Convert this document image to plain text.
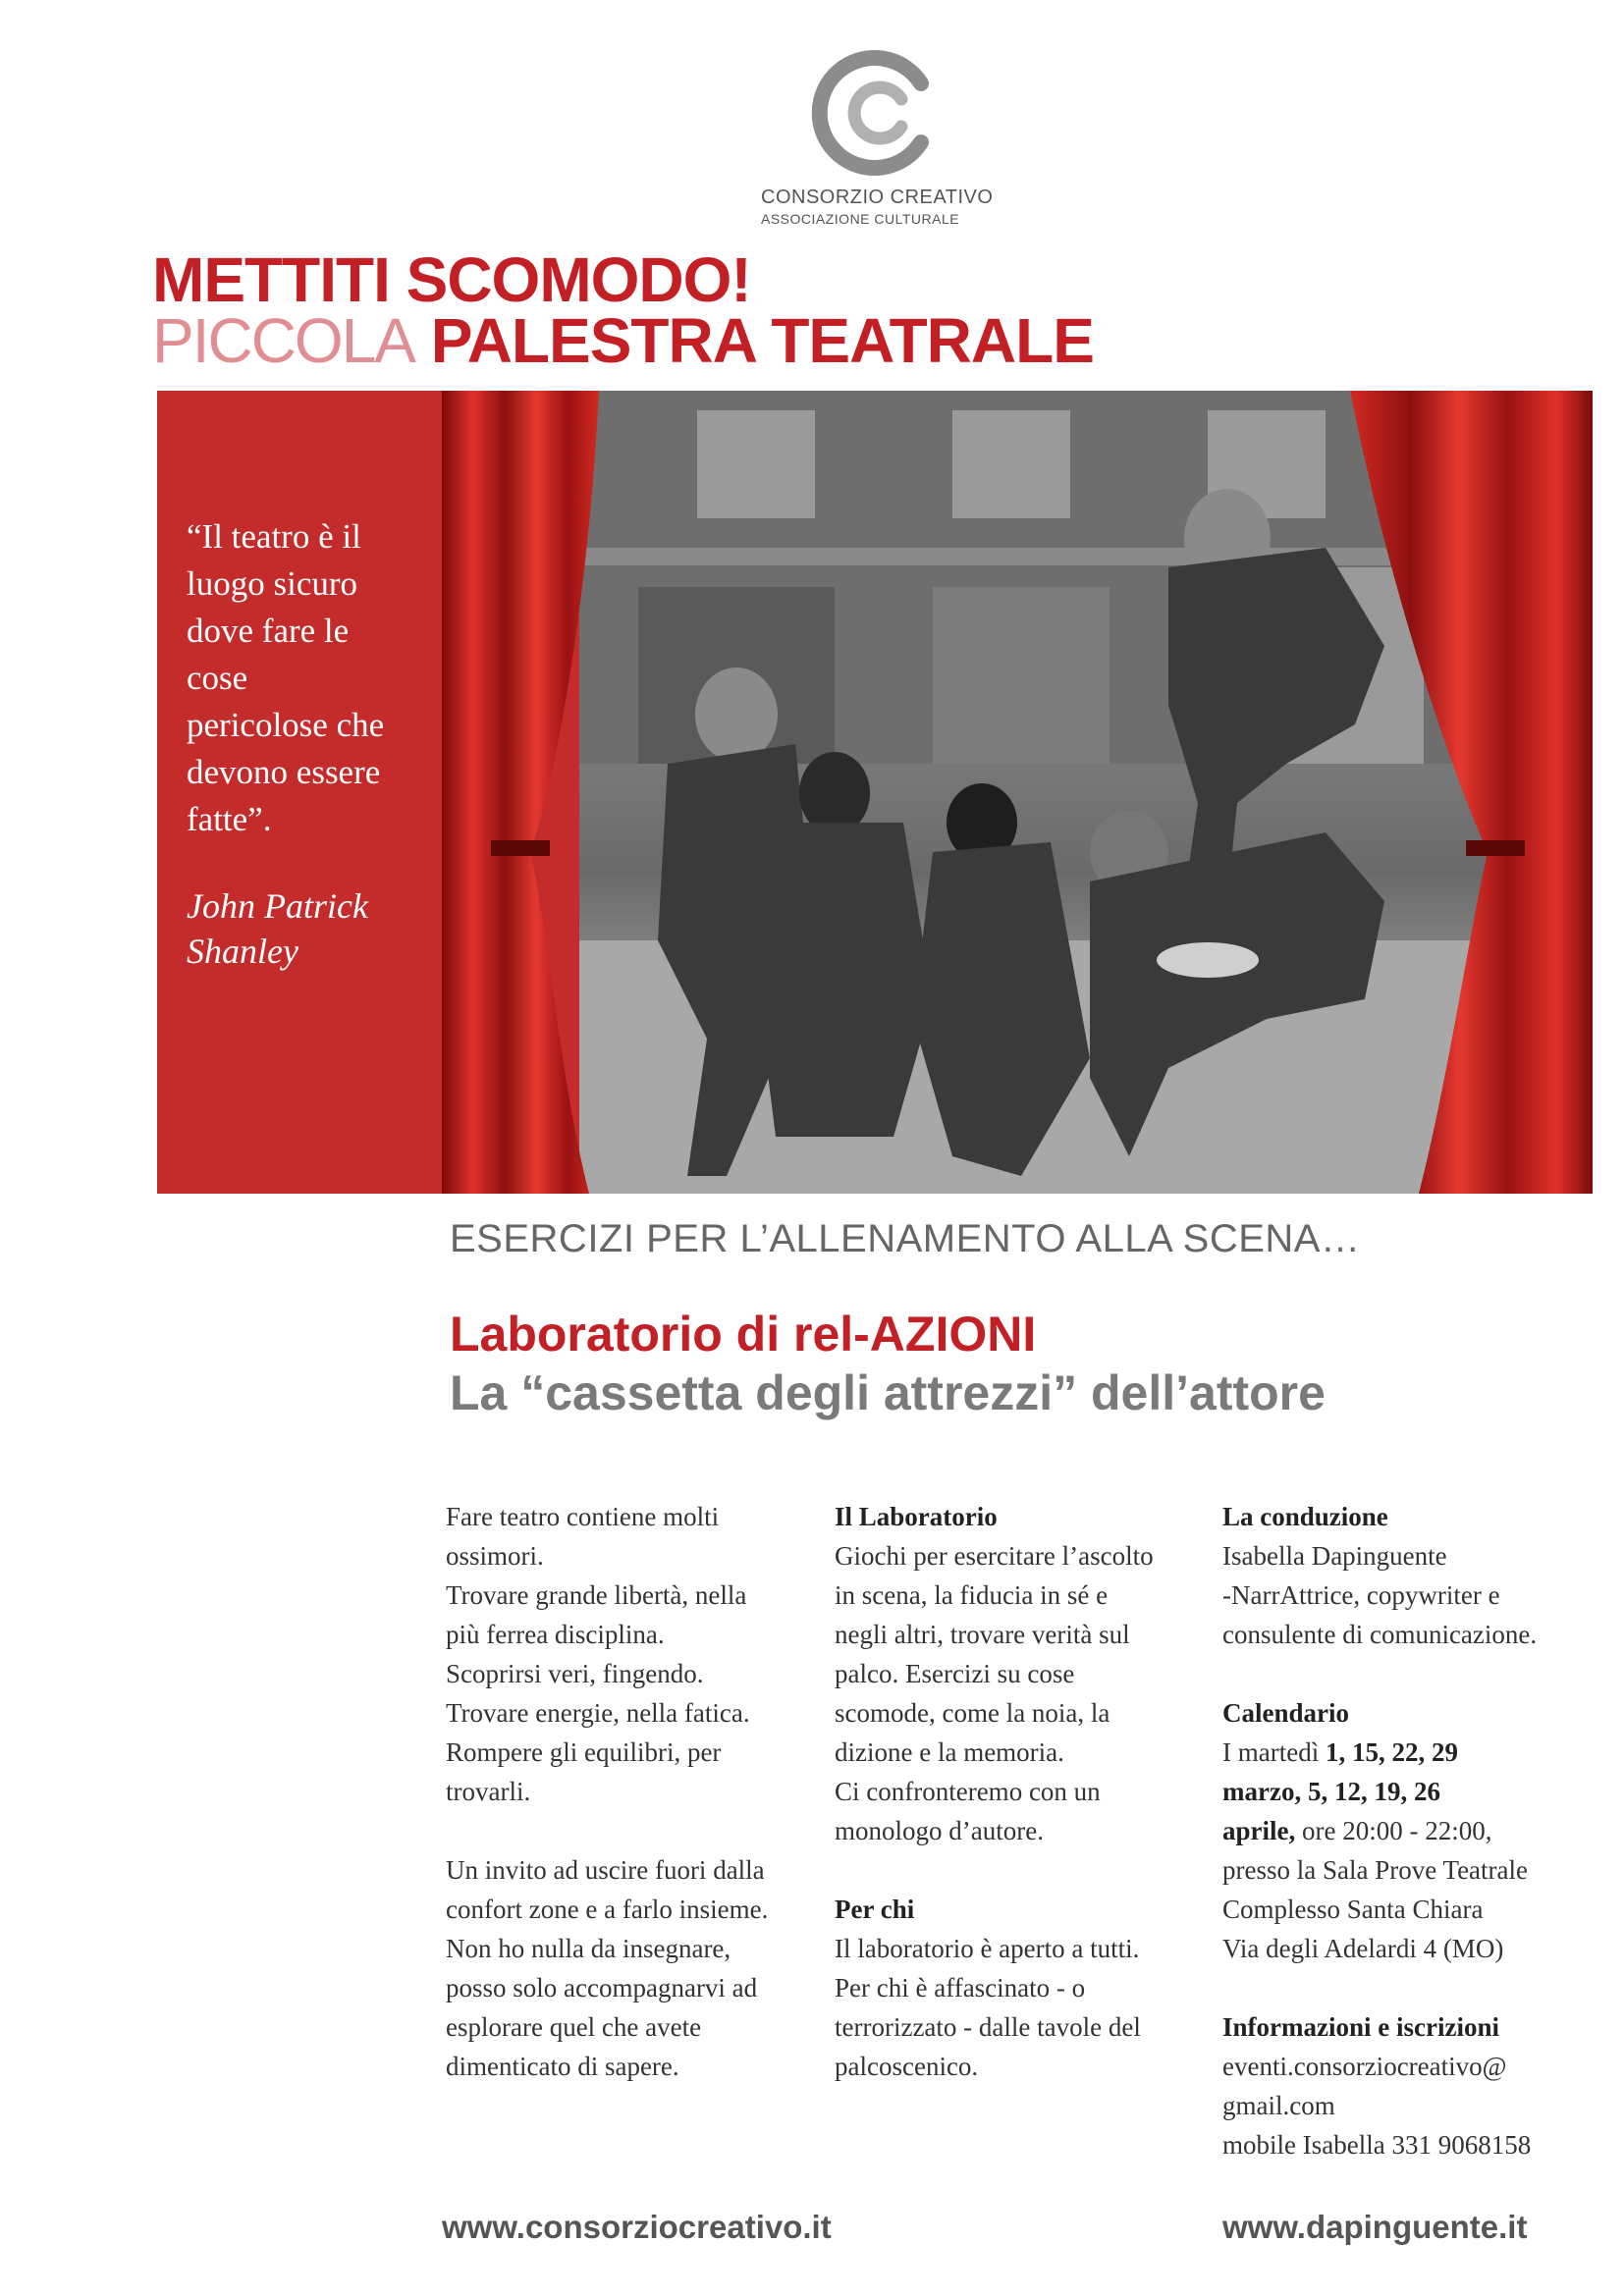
CONSORZIO CREATIVO
ASSOCIAZIONE CULTURALE
METTITI SCOMODO!
PICCOLA PALESTRA TEATRALE
“Il teatro è il
luogo sicuro
dove fare le
cose
pericolose che
devono essere
fatte”.
John Patrick
Shanley
ESERCIZI PER L’ALLENAMENTO ALLA SCENA…
Laboratorio di rel-AZIONI
La “cassetta degli attrezzi” dell’attore

Fare teatro contiene molti

ossimori.

Trovare grande libertà, nella

più ferrea disciplina.

Scoprirsi veri, fingendo.

Trovare energie, nella fatica.

Rompere gli equilibri, per

trovarli.

Un invito ad uscire fuori dalla

confort zone e a farlo insieme.

Non ho nulla da insegnare,

posso solo accompagnarvi ad

esplorare quel che avete

dimenticato di sapere.

Il Laboratorio

Giochi per esercitare l’ascolto

in scena, la fiducia in sé e

negli altri, trovare verità sul

palco. Esercizi su cose

scomode, come la noia, la

dizione e la memoria.

Ci confronteremo con un

monologo d’autore.

Per chi

Il laboratorio è aperto a tutti.

Per chi è affascinato - o

terrorizzato - dalle tavole del

palcoscenico.

La conduzione

Isabella Dapinguente

-NarrAttrice, copywriter e

consulente di comunicazione.

Calendario

I martedì 1, 15, 22, 29

marzo, 5, 12, 19, 26

aprile, ore 20:00 - 22:00,

presso la Sala Prove Teatrale

Complesso Santa Chiara

Via degli Adelardi 4 (MO)

Informazioni e iscrizioni

eventi.consorziocreativo@

gmail.com

mobile Isabella 331 9068158

www.consorziocreativo.it	www.dapinguente.it
